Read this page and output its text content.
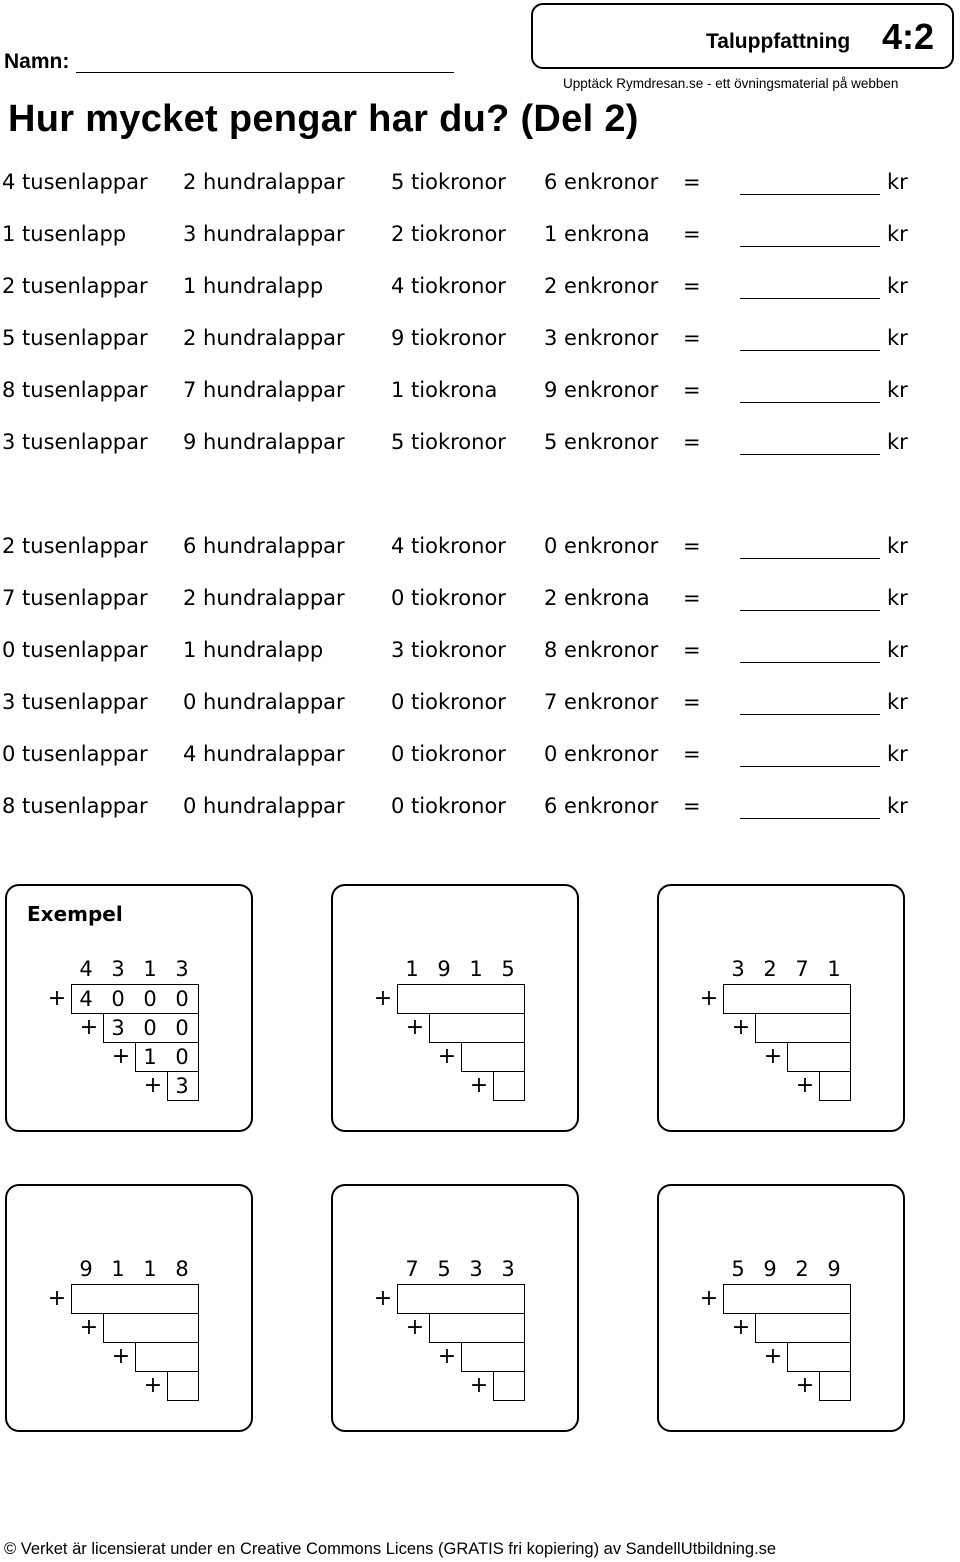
Namn:
Hur mycket pengar har du? (Del 2)
Taluppfattning 4:2
Upptäck Rymdresan.se - ett övningsmaterial på webben
4 tusenlappar 2 hundralappar 5 tiokronor 6 enkronor =	kr
1 tusenlapp	3 hundralappar 2 tiokronor 1 enkrona =	kr
2 tusenlappar 1 hundralapp	4 tiokronor 2 enkronor =	kr
5 tusenlappar 2 hundralappar 9 tiokronor 3 enkronor =	kr
8 tusenlappar 7 hundralappar 1 tiokrona 9 enkronor =	kr
3 tusenlappar 9 hundralappar 5 tiokronor 5 enkronor =	kr
2 tusenlappar 6 hundralappar 4 tiokronor 0 enkronor =	kr
7 tusenlappar 2 hundralappar 0 tiokronor 2 enkrona =	kr
0 tusenlappar 1 hundralapp	3 tiokronor 8 enkronor =	kr
3 tusenlappar 0 hundralappar 0 tiokronor 7 enkronor =	kr
0 tusenlappar 4 hundralappar 0 tiokronor 0 enkronor =	kr
8 tusenlappar 0 hundralappar 0 tiokronor 6 enkronor =	kr
Exempel
4 3 1 3
+ 4 0 0 0
+ 3 0 0
+ 1 0
+ 3
1 9 1 5
+
+
+
+
3 2 7 1
+
+
+
+
9 1 1 8
+
+
+
+
7 5 3 3
+
+
+
+
5 9 2 9
+
+
+
+
© Verket är licensierat under en Creative Commons Licens (GRATIS fri kopiering) av SandellUtbildning.se
